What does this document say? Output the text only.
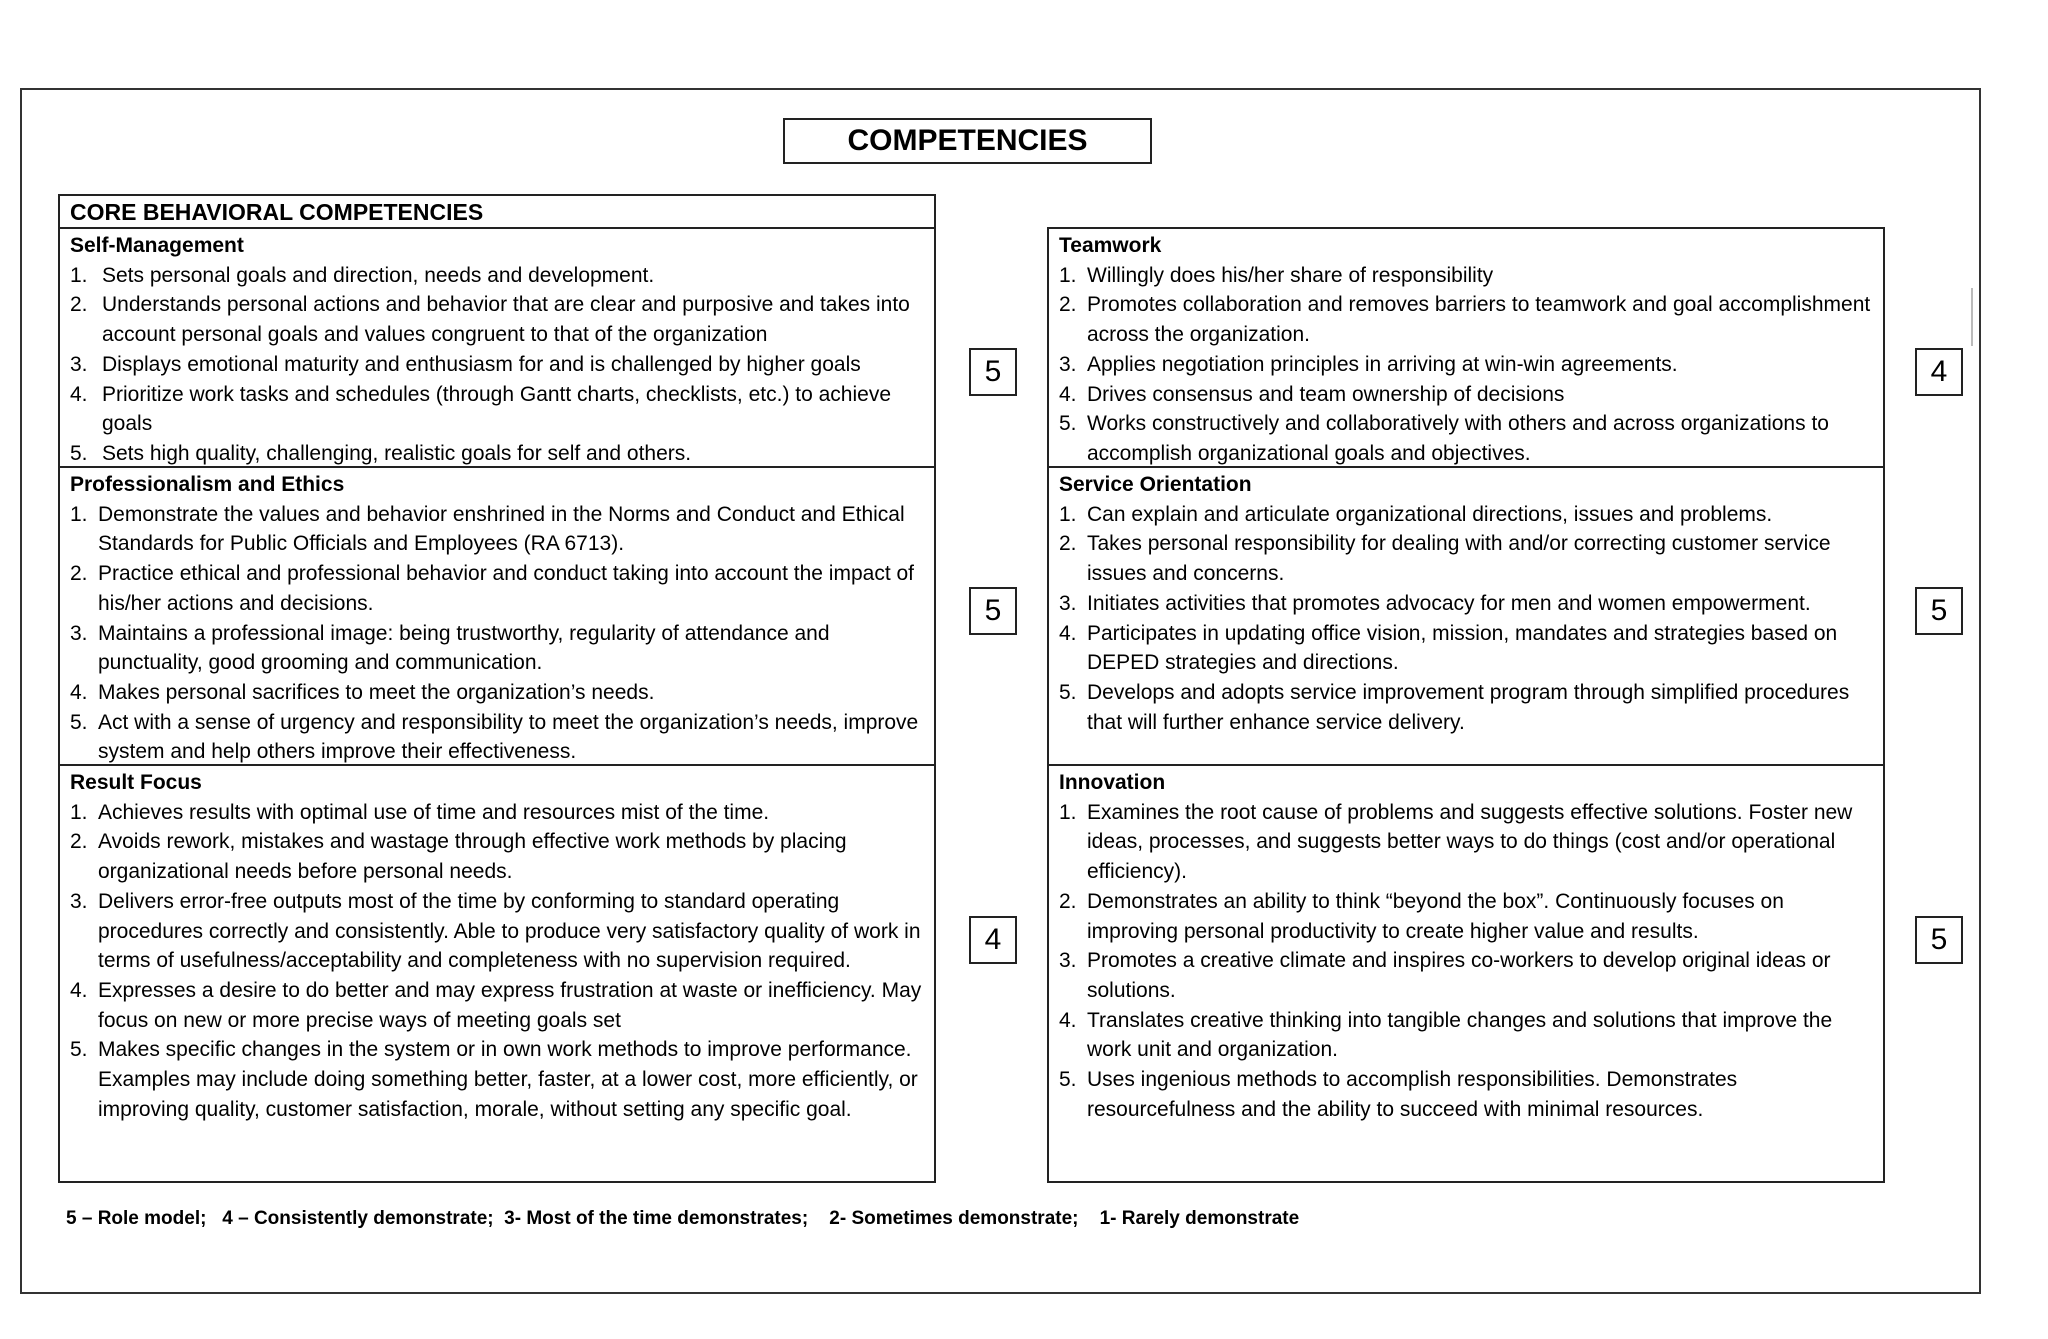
COMPETENCIES
CORE BEHAVIORAL COMPETENCIES
Self-Management
1. Sets personal goals and direction, needs and development.
2. Understands personal actions and behavior that are clear and purposive and takes into account personal goals and values congruent to that of the organization
3. Displays emotional maturity and enthusiasm for and is challenged by higher goals
4. Prioritize work tasks and schedules (through Gantt charts, checklists, etc.) to achieve goals
5. Sets high quality, challenging, realistic goals for self and others.
Professionalism and Ethics
1. Demonstrate the values and behavior enshrined in the Norms and Conduct and Ethical Standards for Public Officials and Employees (RA 6713).
2. Practice ethical and professional behavior and conduct taking into account the impact of his/her actions and decisions.
3. Maintains a professional image: being trustworthy, regularity of attendance and punctuality, good grooming and communication.
4. Makes personal sacrifices to meet the organization’s needs.
5. Act with a sense of urgency and responsibility to meet the organization’s needs, improve system and help others improve their effectiveness.
Result Focus
1. Achieves results with optimal use of time and resources mist of the time.
2. Avoids rework, mistakes and wastage through effective work methods by placing organizational needs before personal needs.
3. Delivers error-free outputs most of the time by conforming to standard operating procedures correctly and consistently. Able to produce very satisfactory quality of work in terms of usefulness/acceptability and completeness with no supervision required.
4. Expresses a desire to do better and may express frustration at waste or inefficiency. May focus on new or more precise ways of meeting goals set
5. Makes specific changes in the system or in own work methods to improve performance. Examples may include doing something better, faster, at a lower cost, more efficiently, or improving quality, customer satisfaction, morale, without setting any specific goal.
5
5
4
Teamwork
1. Willingly does his/her share of responsibility
2. Promotes collaboration and removes barriers to teamwork and goal accomplishment across the organization.
3. Applies negotiation principles in arriving at win-win agreements.
4. Drives consensus and team ownership of decisions
5. Works constructively and collaboratively with others and across organizations to accomplish organizational goals and objectives.
Service Orientation
1. Can explain and articulate organizational directions, issues and problems.
2. Takes personal responsibility for dealing with and/or correcting customer service issues and concerns.
3. Initiates activities that promotes advocacy for men and women empowerment.
4. Participates in updating office vision, mission, mandates and strategies based on DEPED strategies and directions.
5. Develops and adopts service improvement program through simplified procedures that will further enhance service delivery.
Innovation
1. Examines the root cause of problems and suggests effective solutions. Foster new ideas, processes, and suggests better ways to do things (cost and/or operational efficiency).
2. Demonstrates an ability to think “beyond the box”. Continuously focuses on improving personal productivity to create higher value and results.
3. Promotes a creative climate and inspires co-workers to develop original ideas or solutions.
4. Translates creative thinking into tangible changes and solutions that improve the work unit and organization.
5. Uses ingenious methods to accomplish responsibilities. Demonstrates resourcefulness and the ability to succeed with minimal resources.
4
5
5
5 – Role model;   4 – Consistently demonstrate;  3- Most of the time demonstrates;    2- Sometimes demonstrate;    1- Rarely demonstrate
